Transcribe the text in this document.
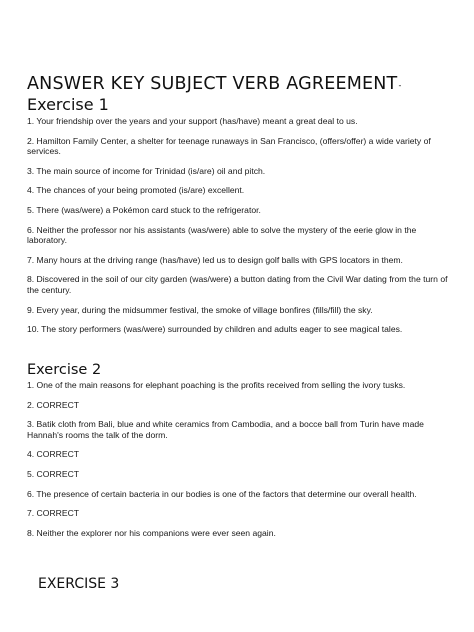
ANSWER KEY SUBJECT VERB AGREEMENT-
Exercise 1
1. Your friendship over the years and your support (has/have) meant a great deal to us.
2. Hamilton Family Center, a shelter for teenage runaways in San Francisco, (offers/offer) a wide variety of services.
3. The main source of income for Trinidad (is/are) oil and pitch.
4. The chances of your being promoted (is/are) excellent.
5. There (was/were) a Pokémon card stuck to the refrigerator.
6. Neither the professor nor his assistants (was/were) able to solve the mystery of the eerie glow in the laboratory.
7. Many hours at the driving range (has/have) led us to design golf balls with GPS locators in them.
8. Discovered in the soil of our city garden (was/were) a button dating from the Civil War dating from the turn of the century.
9. Every year, during the midsummer festival, the smoke of village bonfires (fills/fill) the sky.
10. The story performers (was/were) surrounded by children and adults eager to see magical tales.
Exercise 2
1. One of the main reasons for elephant poaching is the profits received from selling the ivory tusks.
2. CORRECT
3. Batik cloth from Bali, blue and white ceramics from Cambodia, and a bocce ball from Turin have made Hannah's rooms the talk of the dorm.
4. CORRECT
5. CORRECT
6. The presence of certain bacteria in our bodies is one of the factors that determine our overall health.
7. CORRECT
8. Neither the explorer nor his companions were ever seen again.
EXERCISE 3
